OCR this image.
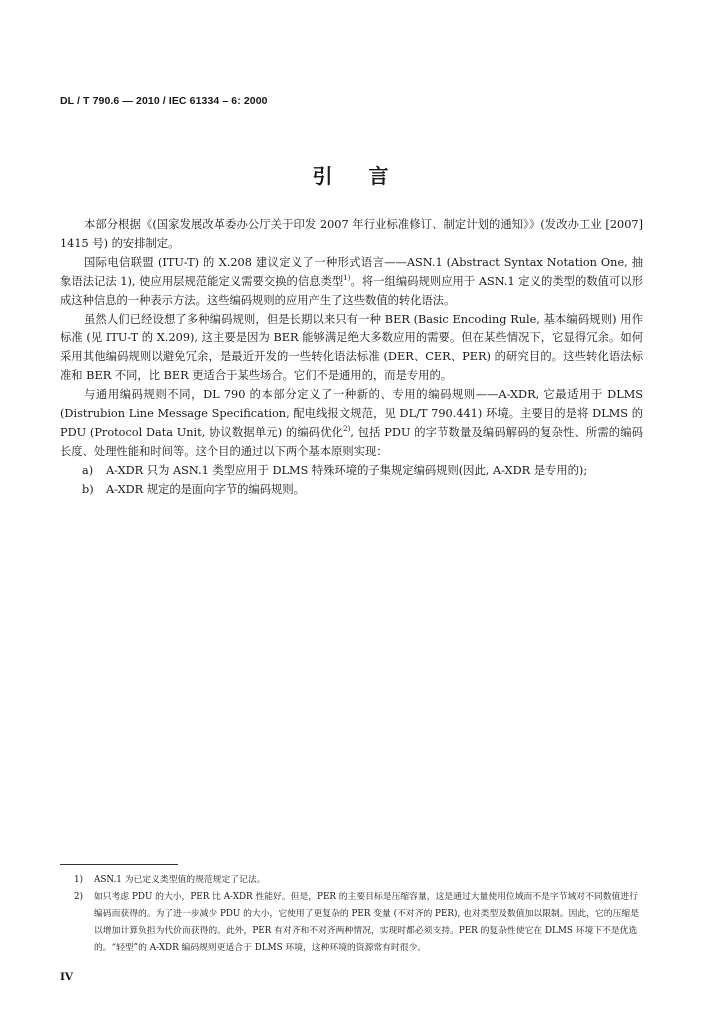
DL / T 790.6 — 2010 / IEC 61334 – 6: 2000
引言

本部分根据《(国家发展改革委办公厅关于印发 2007 年行业标准修订、制定计划的通知》》(发改办工业 [2007] 1415 号) 的安排制定。

国际电信联盟 (ITU-T) 的 X.208 建议定义了一种形式语言——ASN.1 (Abstract Syntax Notation One, 抽象语法记法 1), 使应用层规范能定义需要交换的信息类型$^{1)}$。将一组编码规则应用于 ASN.1 定义的类型的数值可以形成这种信息的一种表示方法。这些编码规则的应用产生了这些数值的转化语法。

虽然人们已经设想了多种编码规则，但是长期以来只有一种 BER (Basic Encoding Rule, 基本编码规则) 用作标准 (见 ITU-T 的 X.209), 这主要是因为 BER 能够满足绝大多数应用的需要。但在某些情况下，它显得冗余。如何采用其他编码规则以避免冗余，是最近开发的一些转化语法标准 (DER、CER、PER) 的研究目的。这些转化语法标准和 BER 不同，比 BER 更适合于某些场合。它们不是通用的，而是专用的。

与通用编码规则不同，DL 790 的本部分定义了一种新的、专用的编码规则——A-XDR, 它最适用于 DLMS (Distrubion Line Message Specification, 配电线报文规范，见 DL/T 790.441) 环境。主要目的是将 DLMS 的 PDU (Protocol Data Unit, 协议数据单元) 的编码优化$^{2)}$, 包括 PDU 的字节数量及编码解码的复杂性、所需的编码长度、处理性能和时间等。这个目的通过以下两个基本原则实现：

a) A-XDR 只为 ASN.1 类型应用于 DLMS 特殊环境的子集规定编码规则(因此, A-XDR 是专用的);
b) A-XDR 规定的是面向字节的编码规则。
1) ASN.1 为已定义类型值的规范规定了记法。
2) 如只考虑 PDU 的大小，PER 比 A-XDR 性能好。但是，PER 的主要目标是压缩容量，这是通过大量使用位域而不是字节域对不同数值进行编码而获得的。为了进一步减少 PDU 的大小，它使用了更复杂的 PER 变量 (不对齐的 PER), 也对类型及数值加以限制。因此，它的压缩是以增加计算负担为代价而获得的。此外，PER 有对齐和不对齐两种情况，实现时都必须支持。PER 的复杂性使它在 DLMS 环境下不是优选的。“轻型”的 A-XDR 编码规则更适合于 DLMS 环境，这种环境的资源常有时很少。
IV
